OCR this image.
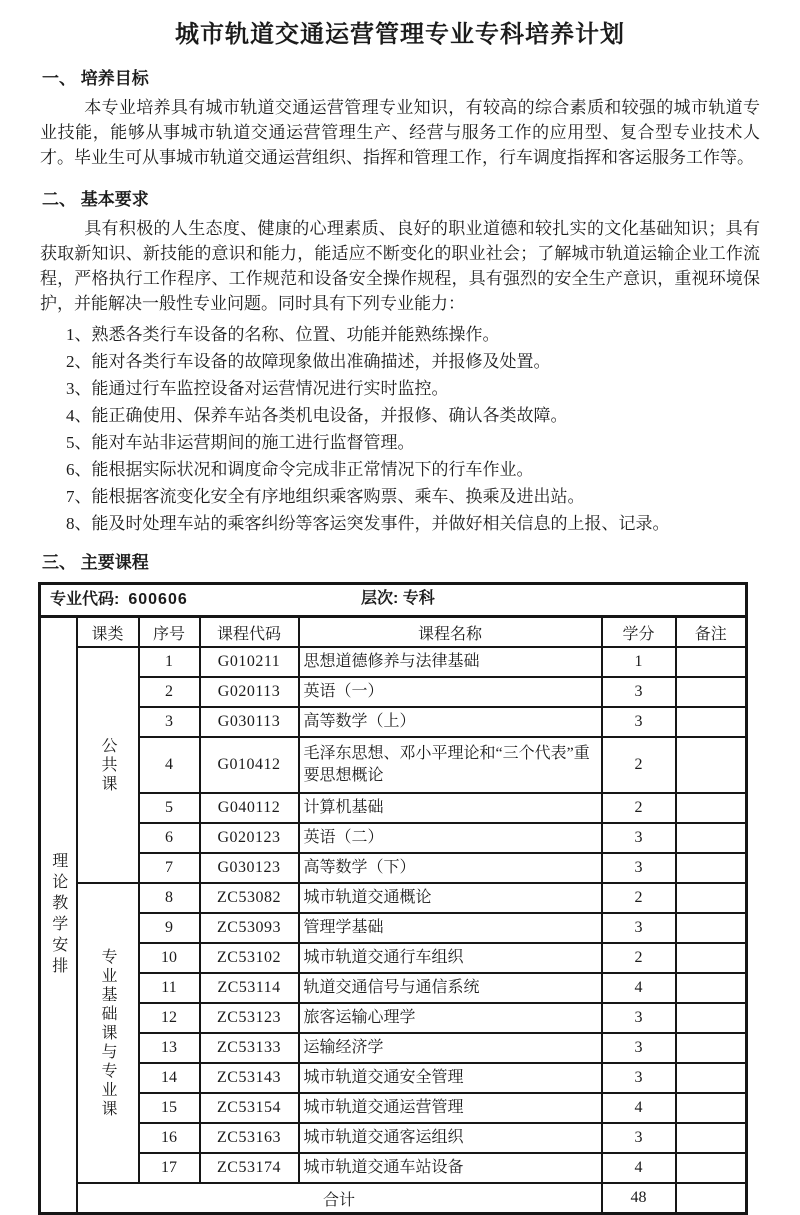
城市轨道交通运营管理专业专科培养计划
一、 培养目标

本专业培养具有城市轨道交通运营管理专业知识，有较高的综合素质和较强的城市轨道专业技能，能够从事城市轨道交通运营管理生产、经营与服务工作的应用型、复合型专业技术人才。毕业生可从事城市轨道交通运营组织、指挥和管理工作，行车调度指挥和客运服务工作等。

二、 基本要求

具有积极的人生态度、健康的心理素质、良好的职业道德和较扎实的文化基础知识；具有获取新知识、新技能的意识和能力，能适应不断变化的职业社会；了解城市轨道运输企业工作流程，严格执行工作程序、工作规范和设备安全操作规程，具有强烈的安全生产意识，重视环境保护，并能解决一般性专业问题。同时具有下列专业能力：

1、熟悉各类行车设备的名称、位置、功能并能熟练操作。
2、能对各类行车设备的故障现象做出准确描述，并报修及处置。
3、能通过行车监控设备对运营情况进行实时监控。
4、能正确使用、保养车站各类机电设备，并报修、确认各类故障。
5、能对车站非运营期间的施工进行监督管理。
6、能根据实际状况和调度命令完成非正常情况下的行车作业。
7、能根据客流变化安全有序地组织乘客购票、乘车、换乘及进出站。
8、能及时处理车站的乘客纠纷等客运突发事件，并做好相关信息的上报、记录。
三、 主要课程
专业代码: 600606 层次: 专科						

理论教学安排	课类	序号	课程代码	课程名称	学分	备注
	公共课	1	G010211	思想道德修养与法律基础	1	
		2	G020113	英语（一）	3	
		3	G030113	高等数学（上）	3	
		4	G010412	毛泽东思想、邓小平理论和“三个代表”重要思想概论	2	
		5	G040112	计算机基础	2	
		6	G020123	英语（二）	3	
		7	G030123	高等数学（下）	3	
	专业基础课与专业课	8	ZC53082	城市轨道交通概论	2	
		9	ZC53093	管理学基础	3	
		10	ZC53102	城市轨道交通行车组织	2	
		11	ZC53114	轨道交通信号与通信系统	4	
		12	ZC53123	旅客运输心理学	3	
		13	ZC53133	运输经济学	3	
		14	ZC53143	城市轨道交通安全管理	3	
		15	ZC53154	城市轨道交通运营管理	4	
		16	ZC53163	城市轨道交通客运组织	3	
		17	ZC53174	城市轨道交通车站设备	4	
	合计				48	
